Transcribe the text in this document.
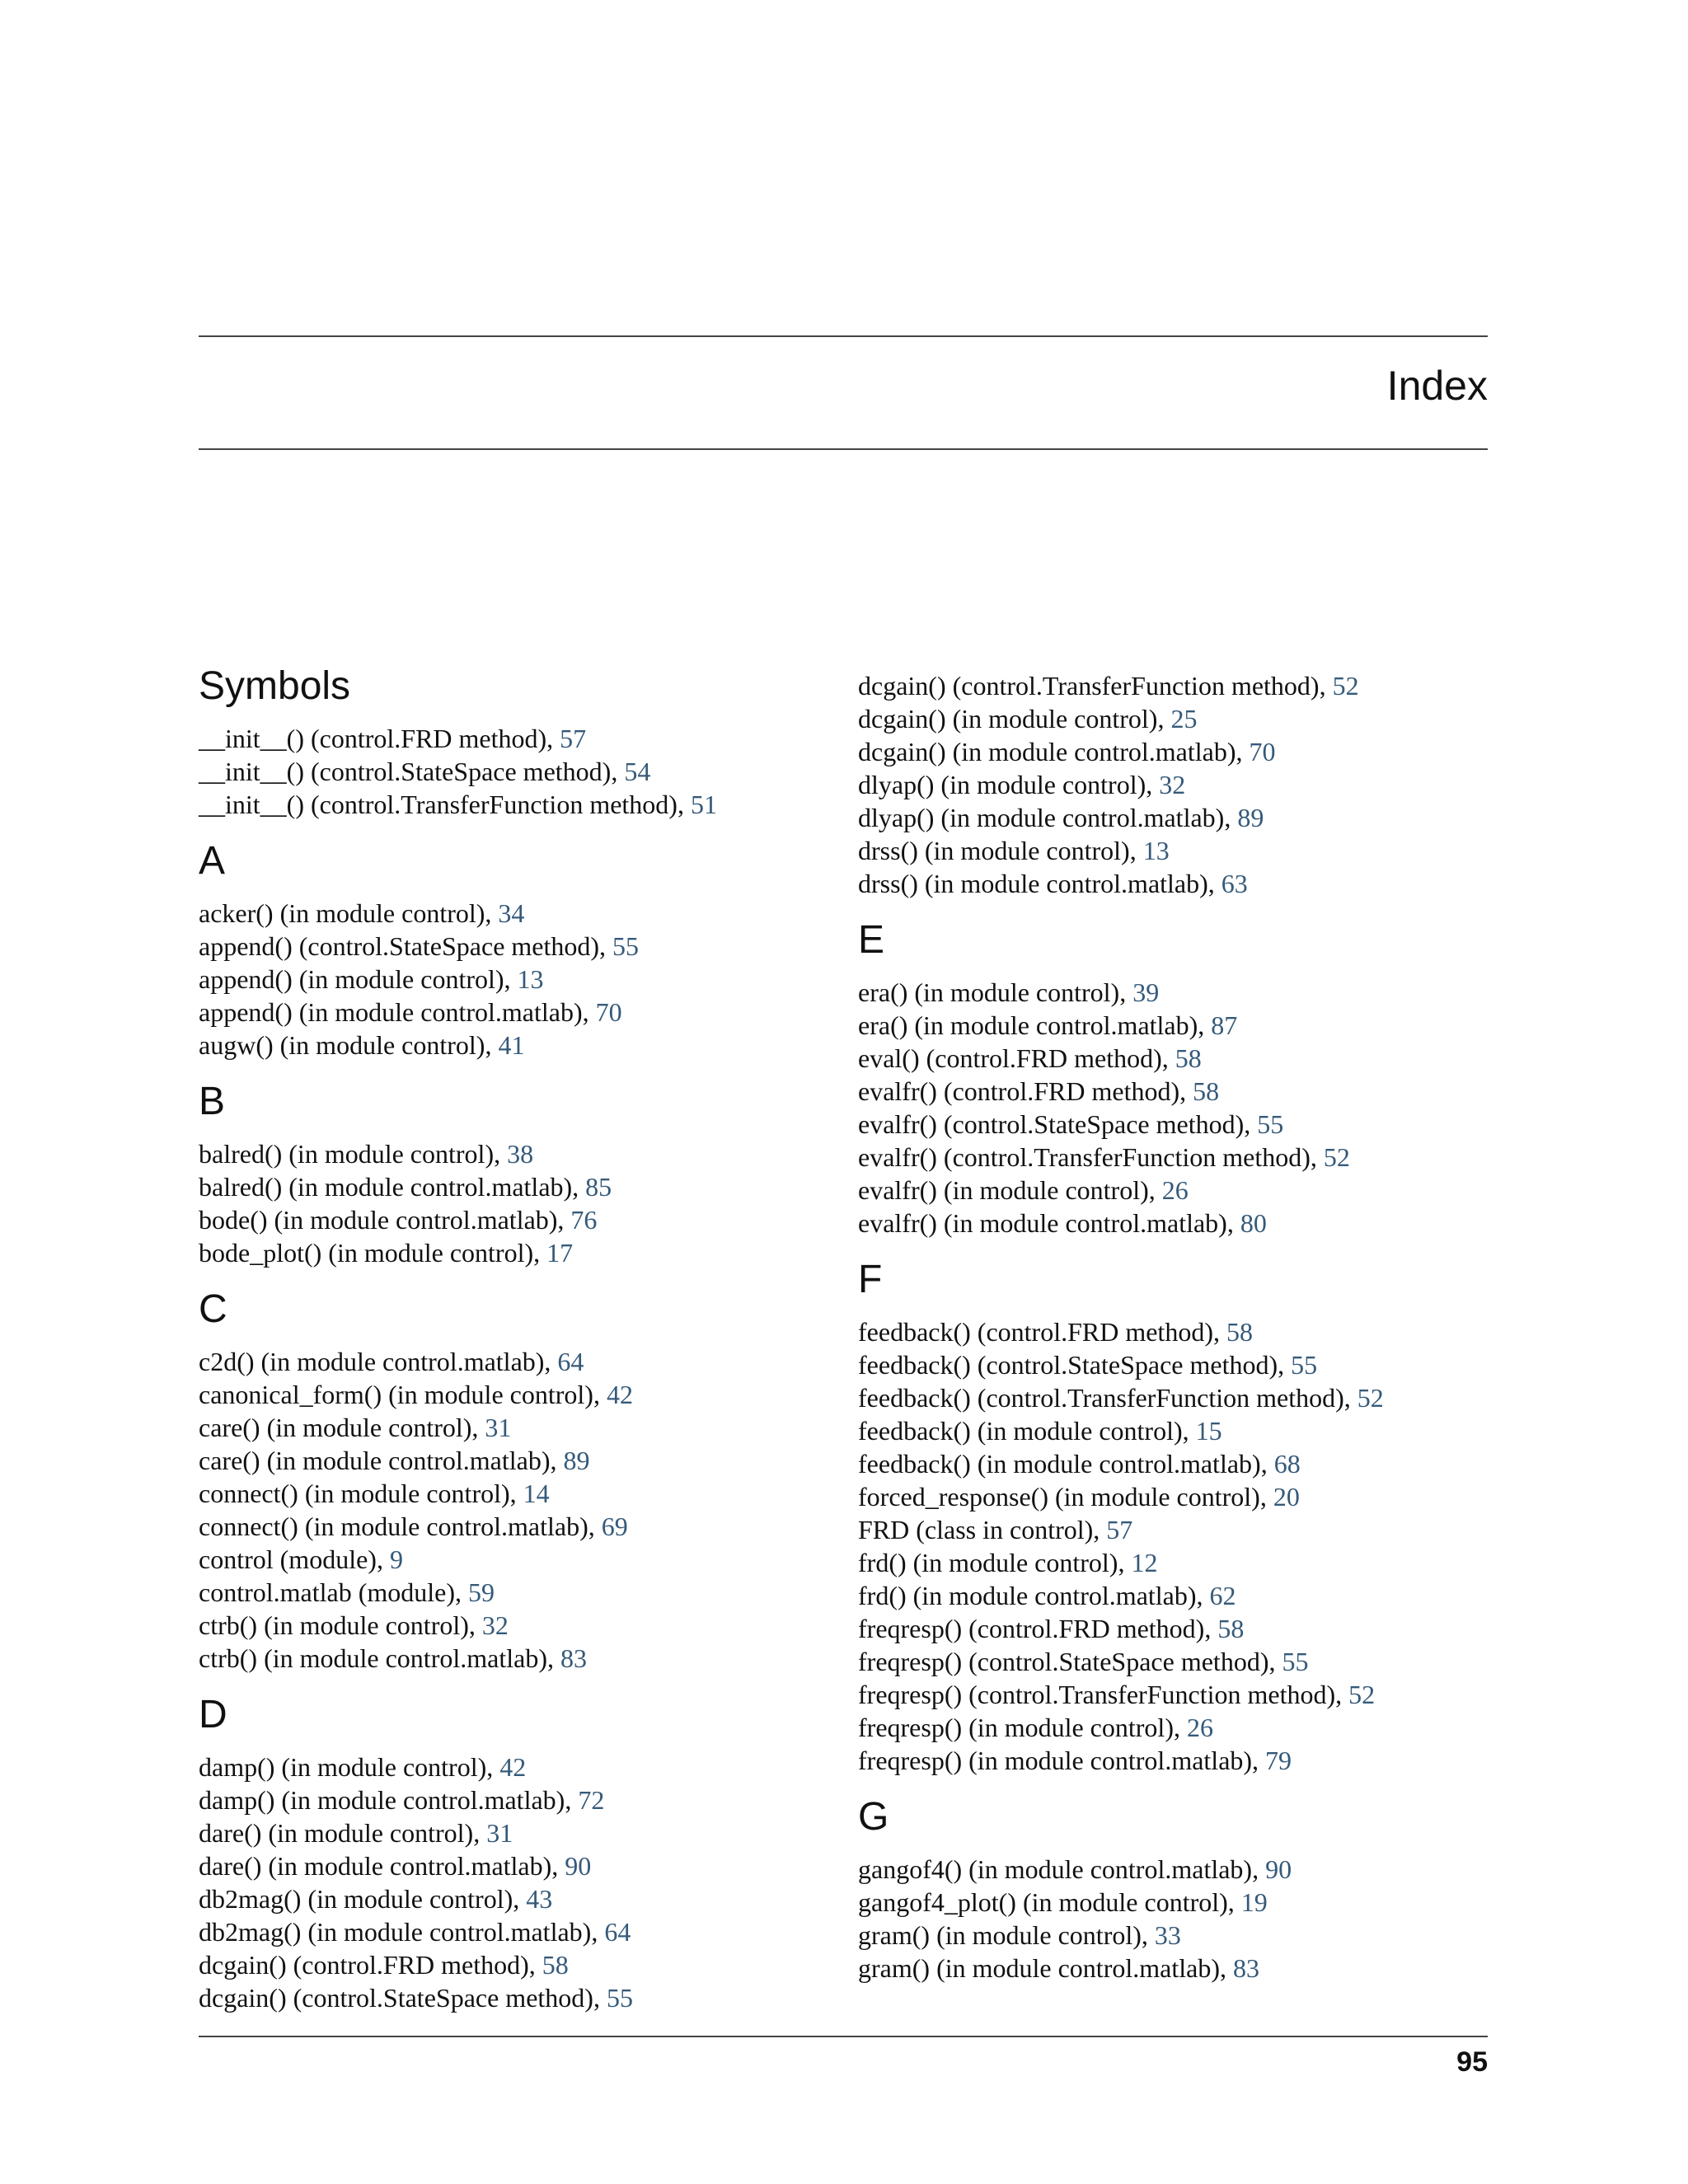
Index
Symbols
__init__() (control.FRD method), 57
__init__() (control.StateSpace method), 54
__init__() (control.TransferFunction method), 51
A
acker() (in module control), 34
append() (control.StateSpace method), 55
append() (in module control), 13
append() (in module control.matlab), 70
augw() (in module control), 41
B
balred() (in module control), 38
balred() (in module control.matlab), 85
bode() (in module control.matlab), 76
bode_plot() (in module control), 17
C
c2d() (in module control.matlab), 64
canonical_form() (in module control), 42
care() (in module control), 31
care() (in module control.matlab), 89
connect() (in module control), 14
connect() (in module control.matlab), 69
control (module), 9
control.matlab (module), 59
ctrb() (in module control), 32
ctrb() (in module control.matlab), 83
D
damp() (in module control), 42
damp() (in module control.matlab), 72
dare() (in module control), 31
dare() (in module control.matlab), 90
db2mag() (in module control), 43
db2mag() (in module control.matlab), 64
dcgain() (control.FRD method), 58
dcgain() (control.StateSpace method), 55
dcgain() (control.TransferFunction method), 52
dcgain() (in module control), 25
dcgain() (in module control.matlab), 70
dlyap() (in module control), 32
dlyap() (in module control.matlab), 89
drss() (in module control), 13
drss() (in module control.matlab), 63
E
era() (in module control), 39
era() (in module control.matlab), 87
eval() (control.FRD method), 58
evalfr() (control.FRD method), 58
evalfr() (control.StateSpace method), 55
evalfr() (control.TransferFunction method), 52
evalfr() (in module control), 26
evalfr() (in module control.matlab), 80
F
feedback() (control.FRD method), 58
feedback() (control.StateSpace method), 55
feedback() (control.TransferFunction method), 52
feedback() (in module control), 15
feedback() (in module control.matlab), 68
forced_response() (in module control), 20
FRD (class in control), 57
frd() (in module control), 12
frd() (in module control.matlab), 62
freqresp() (control.FRD method), 58
freqresp() (control.StateSpace method), 55
freqresp() (control.TransferFunction method), 52
freqresp() (in module control), 26
freqresp() (in module control.matlab), 79
G
gangof4() (in module control.matlab), 90
gangof4_plot() (in module control), 19
gram() (in module control), 33
gram() (in module control.matlab), 83
95
